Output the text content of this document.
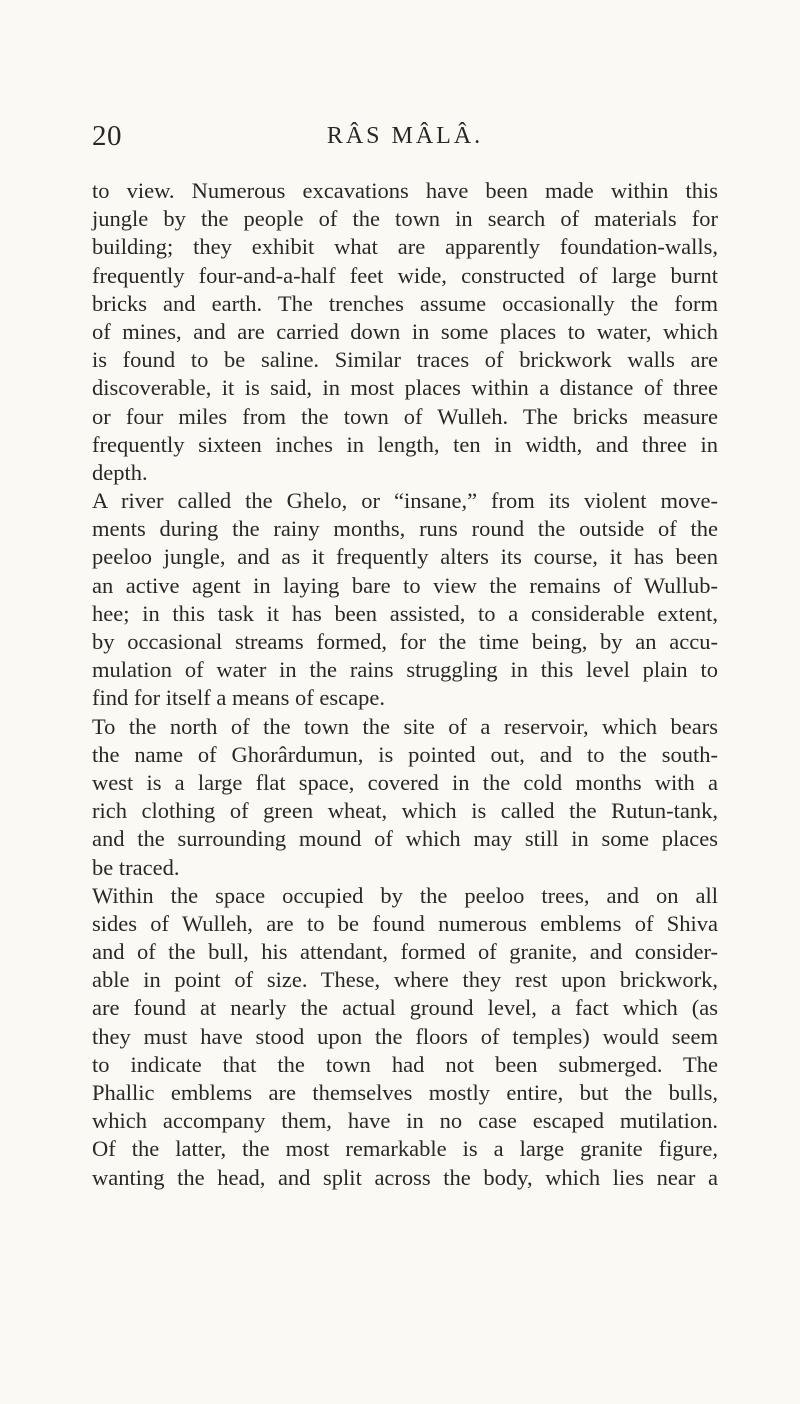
20	RÂS MÂLÂ.
to view. Numerous excavations have been made within this
jungle by the people of the town in search of materials for
building; they exhibit what are apparently foundation-walls,
frequently four-and-a-half feet wide, constructed of large burnt
bricks and earth. The trenches assume occasionally the form
of mines, and are carried down in some places to water, which
is found to be saline. Similar traces of brickwork walls are
discoverable, it is said, in most places within a distance of three
or four miles from the town of Wulleh. The bricks measure
frequently sixteen inches in length, ten in width, and three in
depth.
A river called the Ghelo, or “insane,” from its violent move-
ments during the rainy months, runs round the outside of the
peeloo jungle, and as it frequently alters its course, it has been
an active agent in laying bare to view the remains of Wullub-
hee; in this task it has been assisted, to a considerable extent,
by occasional streams formed, for the time being, by an accu-
mulation of water in the rains struggling in this level plain to
find for itself a means of escape.
To the north of the town the site of a reservoir, which bears
the name of Ghorârdumun, is pointed out, and to the south-
west is a large flat space, covered in the cold months with a
rich clothing of green wheat, which is called the Rutun-tank,
and the surrounding mound of which may still in some places
be traced.
Within the space occupied by the peeloo trees, and on all
sides of Wulleh, are to be found numerous emblems of Shiva
and of the bull, his attendant, formed of granite, and consider-
able in point of size. These, where they rest upon brickwork,
are found at nearly the actual ground level, a fact which (as
they must have stood upon the floors of temples) would seem
to indicate that the town had not been submerged. The
Phallic emblems are themselves mostly entire, but the bulls,
which accompany them, have in no case escaped mutilation.
Of the latter, the most remarkable is a large granite figure,
wanting the head, and split across the body, which lies near a
